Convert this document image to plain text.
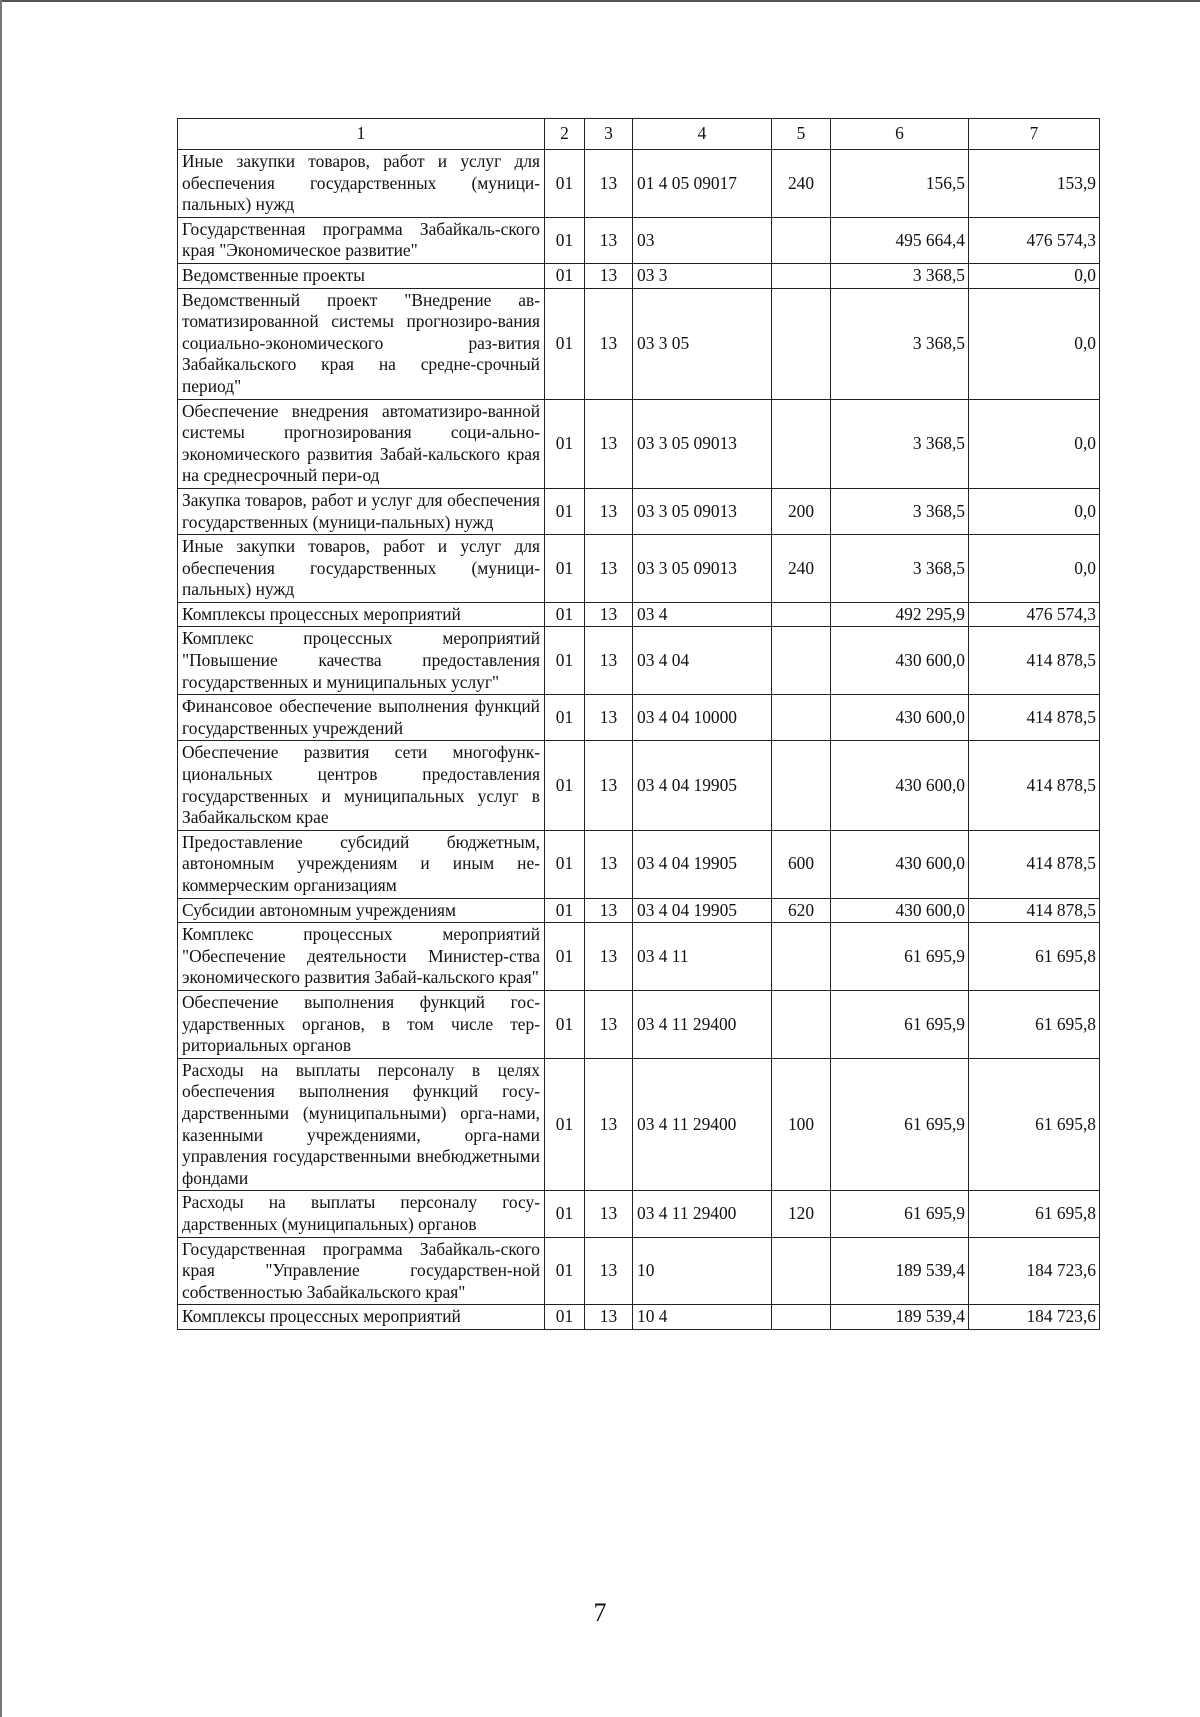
1	2	3	4	5	6	7
Иные закупки товаров, работ и услуг для обеспечения государственных (муници-пальных) нужд	01	13	01 4 05 09017	240	156,5	153,9
Государственная программа Забайкаль-ского края "Экономическое развитие"	01	13	03		495 664,4	476 574,3
Ведомственные проекты	01	13	03 3		3 368,5	0,0
Ведомственный проект "Внедрение ав-томатизированной системы прогнозиро-вания социально-экономического раз-вития Забайкальского края на средне-срочный период"	01	13	03 3 05		3 368,5	0,0
Обеспечение внедрения автоматизиро-ванной системы прогнозирования соци-ально-экономического развития Забай-кальского края на среднесрочный пери-од	01	13	03 3 05 09013		3 368,5	0,0
Закупка товаров, работ и услуг для обеспечения государственных (муници-пальных) нужд	01	13	03 3 05 09013	200	3 368,5	0,0
Иные закупки товаров, работ и услуг для обеспечения государственных (муници-пальных) нужд	01	13	03 3 05 09013	240	3 368,5	0,0
Комплексы процессных мероприятий	01	13	03 4		492 295,9	476 574,3
Комплекс процессных мероприятий "Повышение качества предоставления государственных и муниципальных услуг"	01	13	03 4 04		430 600,0	414 878,5
Финансовое обеспечение выполнения функций государственных учреждений	01	13	03 4 04 10000		430 600,0	414 878,5
Обеспечение развития сети многофунк-циональных центров предоставления государственных и муниципальных услуг в Забайкальском крае	01	13	03 4 04 19905		430 600,0	414 878,5
Предоставление субсидий бюджетным, автономным учреждениям и иным не-коммерческим организациям	01	13	03 4 04 19905	600	430 600,0	414 878,5
Субсидии автономным учреждениям	01	13	03 4 04 19905	620	430 600,0	414 878,5
Комплекс процессных мероприятий "Обеспечение деятельности Министер-ства экономического развития Забай-кальского края"	01	13	03 4 11		61 695,9	61 695,8
Обеспечение выполнения функций гос-ударственных органов, в том числе тер-риториальных органов	01	13	03 4 11 29400		61 695,9	61 695,8
Расходы на выплаты персоналу в целях обеспечения выполнения функций госу-дарственными (муниципальными) орга-нами, казенными учреждениями, орга-нами управления государственными внебюджетными фондами	01	13	03 4 11 29400	100	61 695,9	61 695,8
Расходы на выплаты персоналу госу-дарственных (муниципальных) органов	01	13	03 4 11 29400	120	61 695,9	61 695,8
Государственная программа Забайкаль-ского края "Управление государствен-ной собственностью Забайкальского края"	01	13	10		189 539,4	184 723,6
Комплексы процессных мероприятий	01	13	10 4		189 539,4	184 723,6
7
